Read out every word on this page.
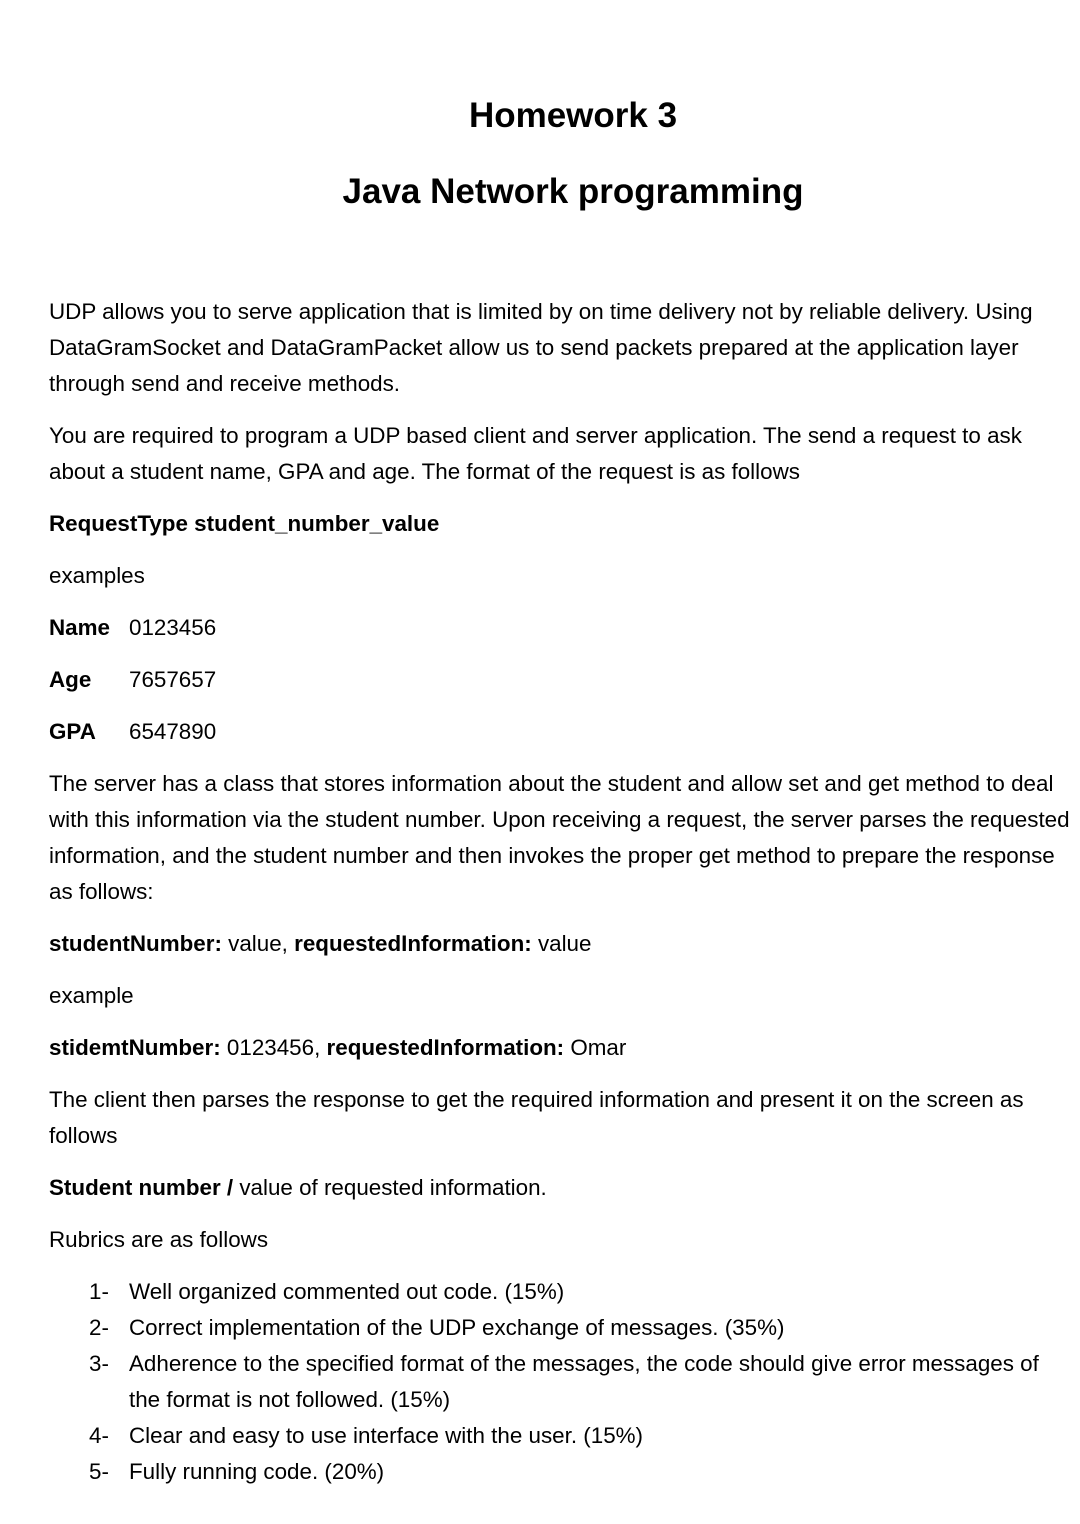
Homework 3
Java Network programming

UDP allows you to serve application that is limited by on time delivery not by reliable delivery. Using DataGramSocket and DataGramPacket allow us to send packets prepared at the application layer through send and receive methods.

You are required to program a UDP based client and server application. The send a request to ask about a student name, GPA and age. The format of the request is as follows

RequestType student_number_value

examples

Name 0123456
Age	7657657
GPA	6547890

The server has a class that stores information about the student and allow set and get method to deal with this information via the student number. Upon receiving a request, the server parses the requested information, and the student number and then invokes the proper get method to prepare the response as follows:

studentNumber: value, requestedInformation: value

example

stidemtNumber: 0123456, requestedInformation: Omar

The client then parses the response to get the required information and present it on the screen as follows

Student number / value of requested information.

Rubrics are as follows

1- Well organized commented out code. (15%)
2- Correct implementation of the UDP exchange of messages. (35%)
3- Adherence to the specified format of the messages, the code should give error messages of the format is not followed. (15%)
4- Clear and easy to use interface with the user. (15%)
5- Fully running code. (20%)
